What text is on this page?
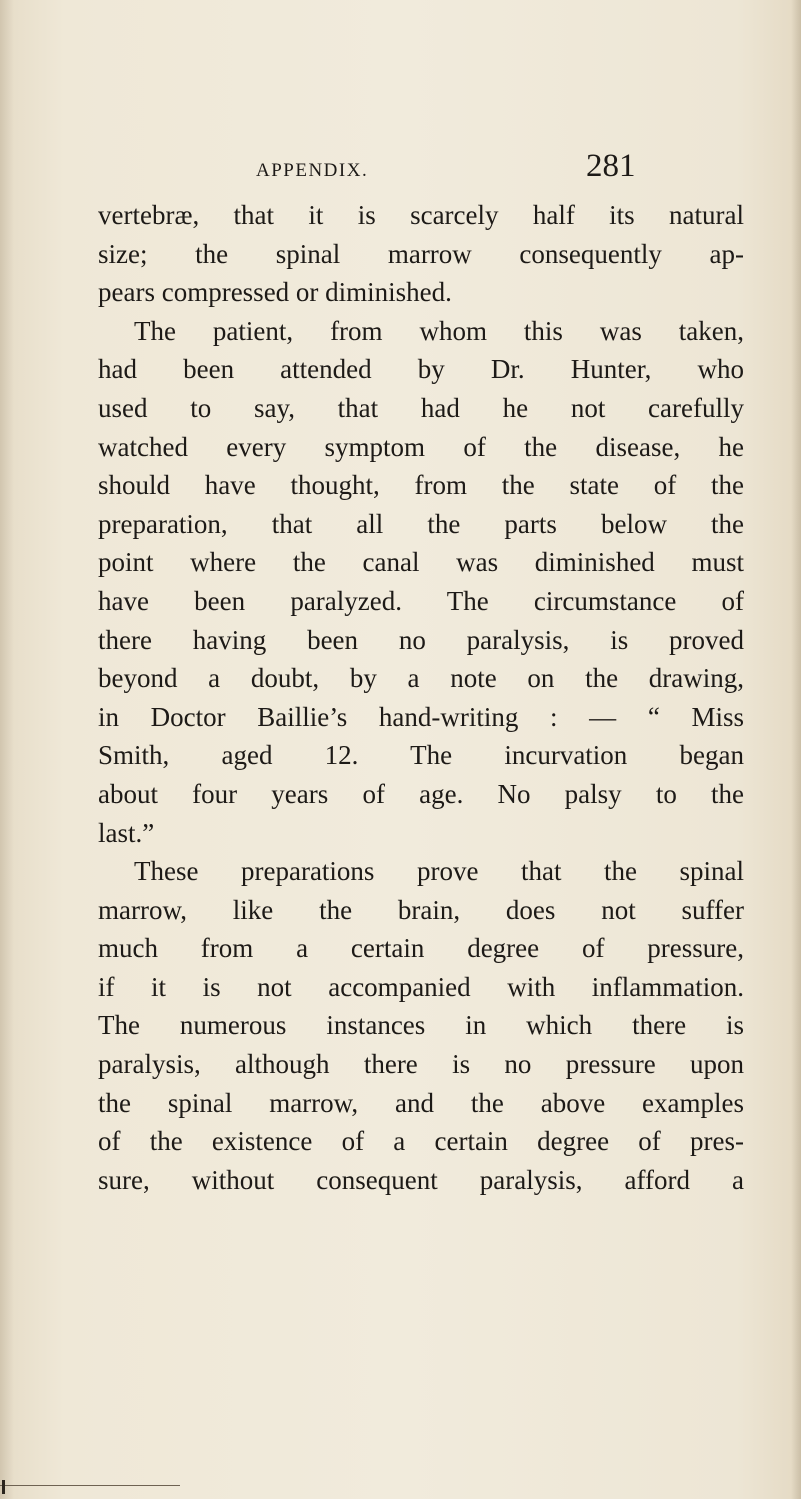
APPENDIX.	281
vertebræ, that it is scarcely half its natural
size; the spinal marrow consequently ap-
pears compressed or diminished.
The patient, from whom this was taken,
had been attended by Dr. Hunter, who
used to say, that had he not carefully
watched every symptom of the disease, he
should have thought, from the state of the
preparation, that all the parts below the
point where the canal was diminished must
have been paralyzed. The circumstance of
there having been no paralysis, is proved
beyond a doubt, by a note on the drawing,
in Doctor Baillie’s hand-writing : — “ Miss
Smith, aged 12. The incurvation began
about four years of age. No palsy to the
last.”
These preparations prove that the spinal
marrow, like the brain, does not suffer
much from a certain degree of pressure,
if it is not accompanied with inflammation.
The numerous instances in which there is
paralysis, although there is no pressure upon
the spinal marrow, and the above examples
of the existence of a certain degree of pres-
sure, without consequent paralysis, afford a
